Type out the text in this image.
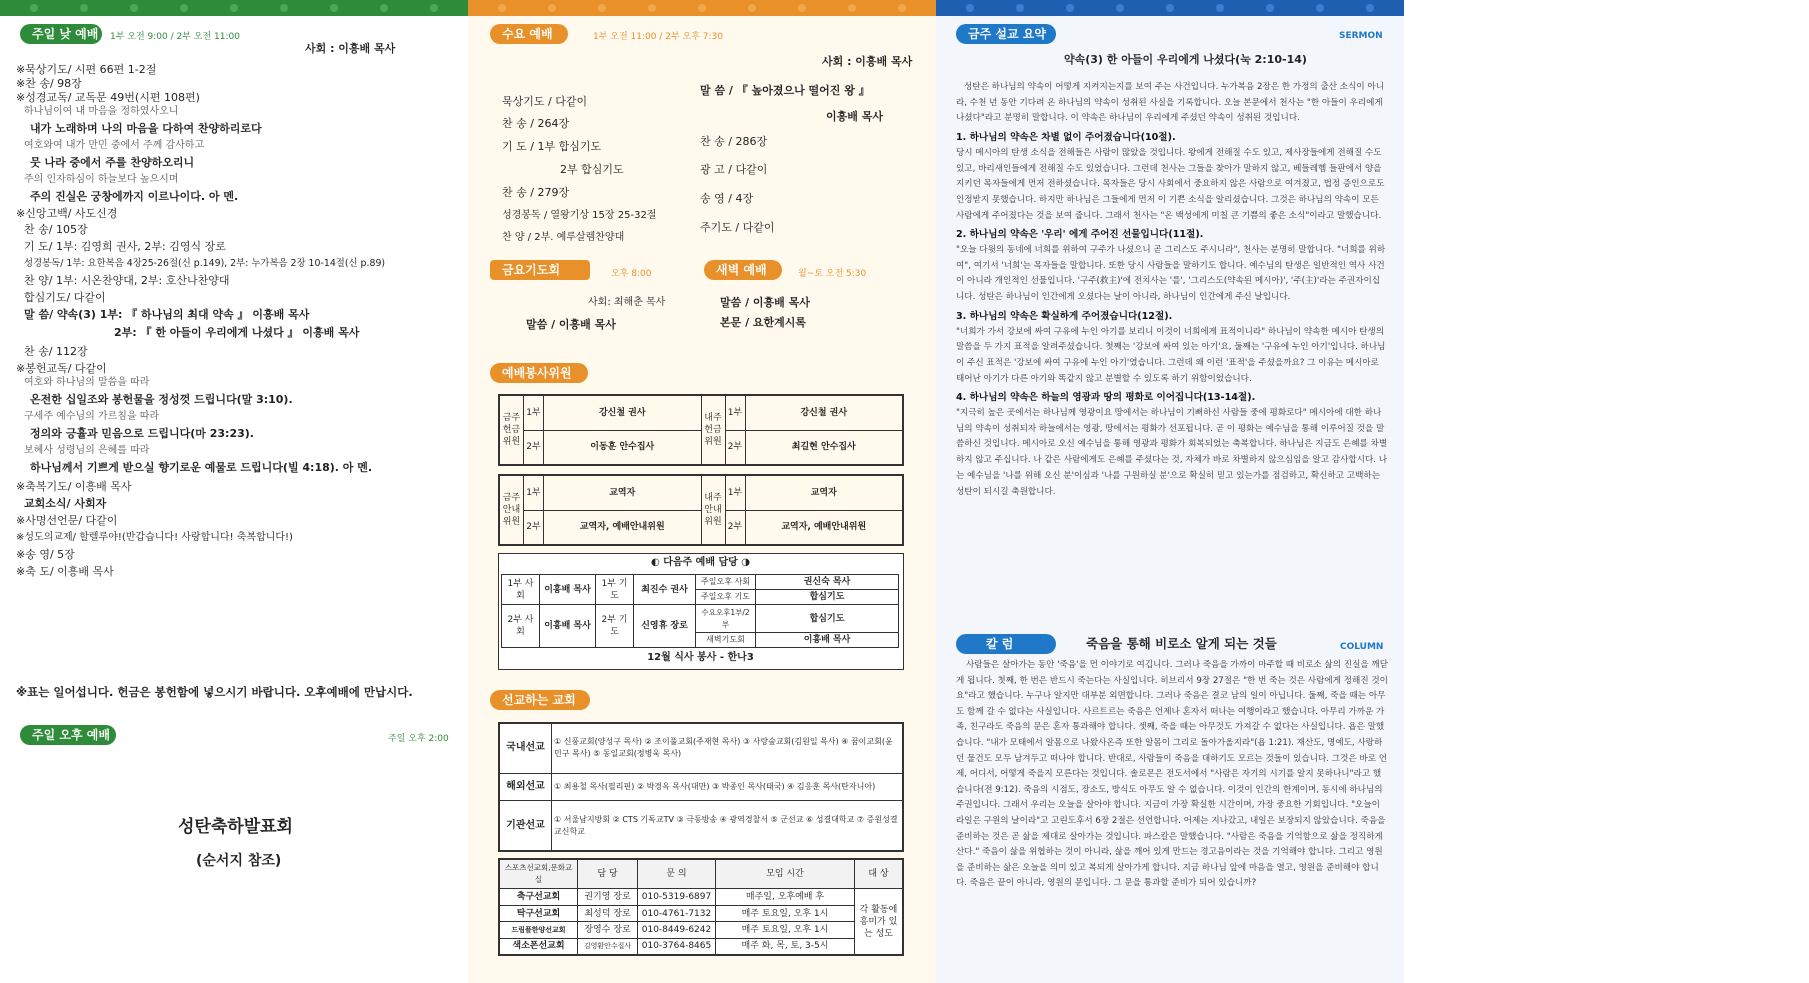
주일 낮 예배	1부 오전 9:00 / 2부 오전 11:00
사회 : 이흥배 목사
※묵상기도/ 시편 66편 1-2절
※찬 송/ 98장
※성경교독/ 교독문 49번(시편 108편)
하나님이여 내 마음을 정하였사오니
내가 노래하며 나의 마음을 다하여 찬양하리로다
여호와여 내가 만민 중에서 주께 감사하고
뭇 나라 중에서 주를 찬양하오리니
주의 인자하심이 하늘보다 높으시며
주의 진실은 궁창에까지 이르나이다. 아 멘.
※신앙고백/ 사도신경
찬 송/ 105장
기 도/ 1부: 김영희 권사, 2부: 김영식 장로
성경봉독/ 1부: 요한복음 4장25-26절(신 p.149), 2부: 누가복음 2장 10-14절(신 p.89)
찬 양/ 1부: 시온찬양대, 2부: 호산나찬양대
합심기도/ 다같이
말 씀/ 약속(3) 1부: 『 하나님의 최대 약속 』 이흥배 목사
2부: 『 한 아들이 우리에게 나셨다 』 이흥배 목사
찬 송/ 112장
※봉헌교독/ 다같이
여호와 하나님의 말씀을 따라
온전한 십일조와 봉헌물을 정성껏 드립니다(말 3:10).
구세주 예수님의 가르침을 따라
정의와 긍휼과 믿음으로 드립니다(마 23:23).
보혜사 성령님의 은혜를 따라
하나님께서 기쁘게 받으실 향기로운 예물로 드립니다(빌 4:18). 아 멘.
※축복기도/ 이흥배 목사
교회소식/ 사회자
※사명선언문/ 다같이
※성도의교제/ 할렐루야!(반갑습니다! 사랑합니다! 축복합니다!)
※송 영/ 5장
※축 도/ 이흥배 목사
※표는 일어섭니다. 헌금은 봉헌함에 넣으시기 바랍니다. 오후예배에 만납시다.
주일 오후 예배	주일 오후 2:00
성탄축하발표회
(순서지 참조)
수요 예배	1부 오전 11:00 / 2부 오후 7:30
사회 : 이흥배 목사
묵상기도 / 다같이
찬 송 / 264장
기 도 / 1부 합심기도
2부 합심기도
찬 송 / 279장
성경봉독 / 열왕기상 15장 25-32절
찬 양 / 2부. 예루살렘찬양대
말 씀 / 『 높아졌으나 떨어진 왕 』
이흥배 목사
찬 송 / 286장
광 고 / 다같이
송 영 / 4장
주기도 / 다같이
금요기도회	오후 8:00
사회: 최해춘 목사
말씀 / 이흥배 목사
새벽 예배	월~토 오전 5:30
말씀 / 이흥배 목사
본문 / 요한계시록
예배봉사위원
금주 헌금 위원	1부	강신철 권사	내주 헌금 위원	1부	강신철 권사
	2부	이동훈 안수집사		2부	최길현 안수집사
금주 안내 위원	1부	교역자	내주 안내 위원	1부	교역자
	2부	교역자, 예배안내위원		2부	교역자, 예배안내위원
◐ 다음주 예배 담당 ◑
1부 사회	이흥배 목사	1부 기도	최진수 권사	주일오후 사회	권신숙 목사
				주일오후 기도	합심기도
2부 사회	이흥배 목사	2부 기도	신영휴 장로	수요오후1부/2부	합심기도
				새벽기도회	이흥배 목사
12월 식사 봉사 - 한나3
선교하는 교회
국내선교	① 신풍교회(양성구 목사) ② 조이풀교회(주재현 목사) ③ 사랑숲교회(김원일 목사) ④ 꿈이교회(윤민구 목사) ⑤ 동일교회(정병욱 목사)
해외선교	① 최용철 목사(필리핀) ② 박경옥 목사(대만) ③ 박종인 목사(태국) ④ 김응훈 목사(탄자니아)
기관선교	① 서울남지방회 ② CTS 기독교TV ③ 극동방송 ④ 광역경찰서 ⑤ 군선교 ⑥ 성결대학교 ⑦ 증원성결교신학교
스포츠선교회,문화교실	담 당	문 의	모임 시간	대 상
축구선교회	권기영 장로	010-5319-6897	매주일, 오후예배 후	각 활동에 흥미가 있는 성도
탁구선교회	최성덕 장로	010-4761-7132	매주 토요일, 오후 1시	
드림플한양선교회	장영수 장로	010-8449-6242	매주 토요일, 오후 1시	
색소폰선교회	김영환안수집사	010-3764-8465	매주 화, 목, 토, 3-5시	
금주 설교 요약	SERMON
약속(3) 한 아들이 우리에게 나셨다(눅 2:10-14)
성탄은 하나님의 약속이 어떻게 지켜지는지를 보여 주는 사건입니다. 누가복음 2장은 한 가정의 출산 소식이 아니라, 수천 년 동안 기다려 온 하나님의 약속이 성취된 사실을 기록합니다. 오늘 본문에서 천사는 "한 아들이 우리에게 나셨다"라고 분명히 말합니다. 이 약속은 하나님이 우리에게 주셨던 약속이 성취된 것입니다.
1. 하나님의 약속은 차별 없이 주어졌습니다(10절).
당시 메시아의 탄생 소식을 전해들은 사람이 많았을 것입니다. 왕에게 전해질 수도 있고, 제사장들에게 전해질 수도 있고, 바리새인들에게 전해질 수도 있었습니다. 그런데 천사는 그들을 찾아가 말하지 않고, 베들레헴 들판에서 양을 지키던 목자들에게 먼저 전하셨습니다. 목자들은 당시 사회에서 중요하지 않은 사람으로 여겨졌고, 법정 증인으로도 인정받지 못했습니다. 하지만 하나님은 그들에게 먼저 이 기쁜 소식을 알리셨습니다. 그것은 하나님의 약속이 모든 사람에게 주어졌다는 것을 보여 줍니다. 그래서 천사는 "온 백성에게 미칠 큰 기쁨의 좋은 소식"이라고 말했습니다.
2. 하나님의 약속은 '우리' 에게 주어진 선물입니다(11절).
"오늘 다윗의 동네에 너희를 위하여 구주가 나셨으니 곧 그리스도 주시니라", 천사는 분명히 말합니다. "너희를 위하여", 여기서 '너희'는 목자들을 말합니다. 또한 당시 사람들을 말하기도 합니다. 예수님의 탄생은 일반적인 역사 사건이 아니라 개인적인 선물입니다. '구주(救主)'에 전치사는 '를', '그리스도(약속된 메시아)', '주(主)'라는 주권자이십니다. 성탄은 하나님이 인간에게 오셨다는 날이 아니라, 하나님이 인간에게 주신 날입니다.
3. 하나님의 약속은 확실하게 주어졌습니다(12절).
"너희가 가서 강보에 싸여 구유에 누인 아기를 보리니 이것이 너희에게 표적이니라" 하나님이 약속한 메시아 탄생의 말씀을 두 가지 표적을 알려주셨습니다. 첫째는 '강보에 싸여 있는 아기'요, 둘째는 '구유에 누인 아기'입니다. 하나님이 주신 표적은 '강보에 싸여 구유에 누인 아기'였습니다. 그런데 왜 이런 '표적'을 주셨을까요? 그 이유는 메시아로 태어난 아기가 다른 아기와 똑같지 않고 분별할 수 있도록 하기 위함이었습니다.
4. 하나님의 약속은 하늘의 영광과 땅의 평화로 이어집니다(13-14절).
"지극히 높은 곳에서는 하나님께 영광이요 땅에서는 하나님이 기뻐하신 사람들 중에 평화로다" 메시아에 대한 하나님의 약속이 성취되자 하늘에서는 영광, 땅에서는 평화가 선포됩니다. 곧 이 평화는 예수님을 통해 이루어질 것을 말씀하신 것입니다. 메시아로 오신 예수님을 통해 영광과 평화가 회복되었는 축복합니다. 하나님은 지금도 은혜를 차별하지 않고 주십니다. 나 같은 사람에게도 은혜를 주셨다는 것, 자체가 바로 차별하지 않으심임을 알고 감사합시다. 나는 예수님을 '나를 위해 오신 분'이심과 '나를 구원하실 분'으로 확실히 믿고 있는가를 점검하고, 확신하고 고백하는 성탄이 되시길 축원합니다.
칼 럼	죽음을 통해 비로소 알게 되는 것들	COLUMN
사람들은 살아가는 동안 '죽음'을 먼 이야기로 여깁니다. 그러나 죽음을 가까이 마주할 때 비로소 삶의 진실을 깨닫게 됩니다. 첫째, 한 번은 반드시 죽는다는 사실입니다. 히브리서 9장 27절은 "한 번 죽는 것은 사람에게 정해진 것이요"라고 했습니다. 누구나 알지만 대부분 외면합니다. 그러나 죽음은 결코 남의 일이 아닙니다. 둘째, 죽을 때는 아무도 함께 갈 수 없다는 사실입니다. 사르트르는 죽음은 언제나 혼자서 떠나는 여행이라고 했습니다. 아무리 가까운 가족, 친구라도 죽음의 문은 혼자 통과해야 합니다. 셋째, 죽을 때는 아무것도 가져갈 수 없다는 사실입니다. 욥은 말했습니다. "내가 모태에서 알몸으로 나왔사온즉 또한 알몸이 그리로 돌아가올지라"(욥 1:21). 재산도, 명예도, 사랑하던 물건도 모두 남겨두고 떠나야 합니다. 반대로, 사람들이 죽음을 대하기도 모르는 것들이 있습니다. 그것은 바로 언제, 어디서, 어떻게 죽을지 모른다는 것입니다. 솔로몬은 전도서에서 "사람은 자기의 시기를 알지 못하나니"라고 했습니다(전 9:12). 죽음의 시점도, 장소도, 방식도 아무도 알 수 없습니다. 이것이 인간의 한계이며, 동시에 하나님의 주권입니다. 그래서 우리는 오늘을 살아야 합니다. 지금이 가장 확실한 시간이며, 가장 중요한 기회입니다. "오늘이라일은 구원의 날이라"고 고린도후서 6장 2절은 선언합니다. 어제는 지나갔고, 내일은 보장되지 않았습니다. 죽음을 준비하는 것은 곧 삶을 제대로 살아가는 것입니다. 파스칼은 말했습니다. "사람은 죽음을 기억함으로 삶을 정직하게 산다." 죽음이 삶을 위협하는 것이 아니라, 삶을 깨어 있게 만드는 경고음이라는 것을 기억해야 합니다. 그리고 영원을 준비하는 삶은 오늘을 의미 있고 복되게 살아가게 합니다. 지금 하나님 앞에 마음을 열고, 영원을 준비해야 합니다. 죽음은 끝이 아니라, 영원의 문입니다. 그 문을 통과할 준비가 되어 있습니까?
